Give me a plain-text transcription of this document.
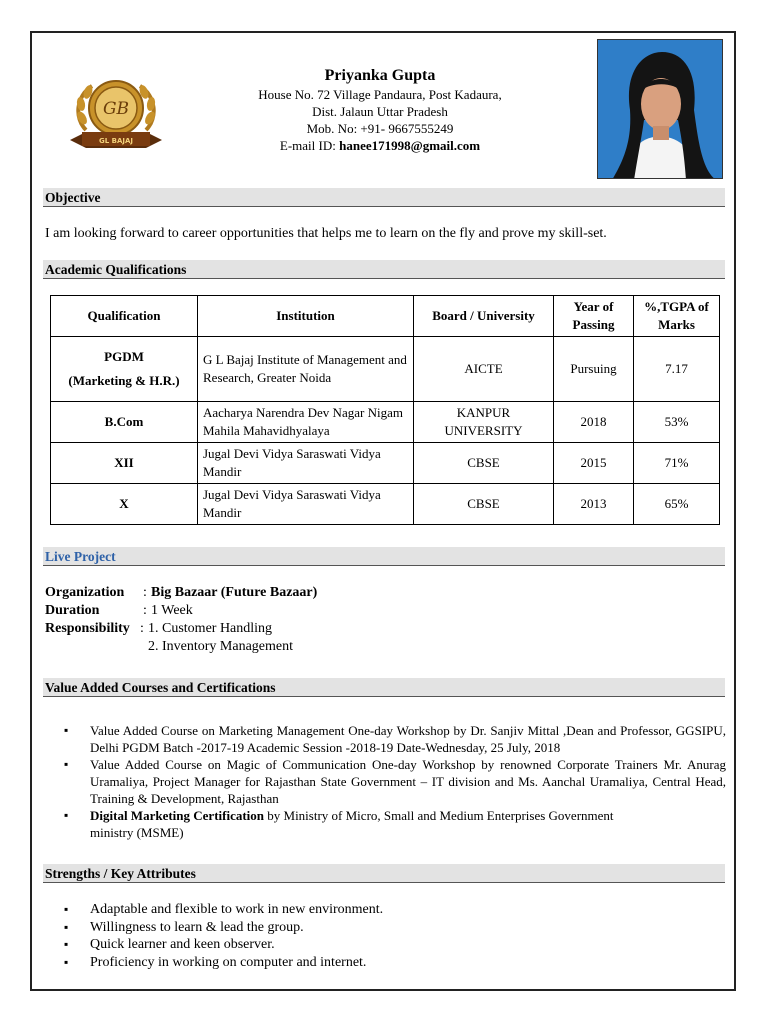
GB
GL BAJAJ
Priyanka Gupta
House No. 72 Village Pandaura, Post Kadaura,
Dist. Jalaun Uttar Pradesh
Mob. No: +91- 9667555249
E-mail ID: hanee171998@gmail.com
Objective
I am looking forward to career opportunities that helps me to learn on the fly and prove my skill-set.
Academic Qualifications
Qualification	Institution	Board / University	Year of Passing	%,TGPA of Marks

PGDM
(Marketing & H.R.)	G L Bajaj Institute of Management and Research, Greater Noida	AICTE	Pursuing	7.17
B.Com	Aacharya Narendra Dev Nagar Nigam Mahila Mahavidhyalaya	KANPUR UNIVERSITY	2018	53%
XII	Jugal Devi Vidya Saraswati Vidya Mandir	CBSE	2015	71%
X	Jugal Devi Vidya Saraswati Vidya Mandir	CBSE	2013	65%
Live Project
Organization	: Big Bazaar (Future Bazaar)
Duration	: 1 Week
Responsibility : 1. Customer Handling
2. Inventory Management
Value Added Courses and Certifications
▪ Value Added Course on Marketing Management One-day Workshop by Dr. Sanjiv Mittal ,Dean and Professor, GGSIPU, Delhi PGDM Batch -2017-19 Academic Session -2018-19 Date-Wednesday, 25 July, 2018
▪ Value Added Course on Magic of Communication One-day Workshop by renowned Corporate Trainers Mr. Anurag Uramaliya, Project Manager for Rajasthan State Government – IT division and Ms. Aanchal Uramaliya, Central Head, Training & Development, Rajasthan
▪ Digital Marketing Certification by Ministry of Micro, Small and Medium Enterprises Government ministry (MSME)
Strengths / Key Attributes
▪ Adaptable and flexible to work in new environment.
▪ Willingness to learn & lead the group.
▪ Quick learner and keen observer.
▪ Proficiency in working on computer and internet.
